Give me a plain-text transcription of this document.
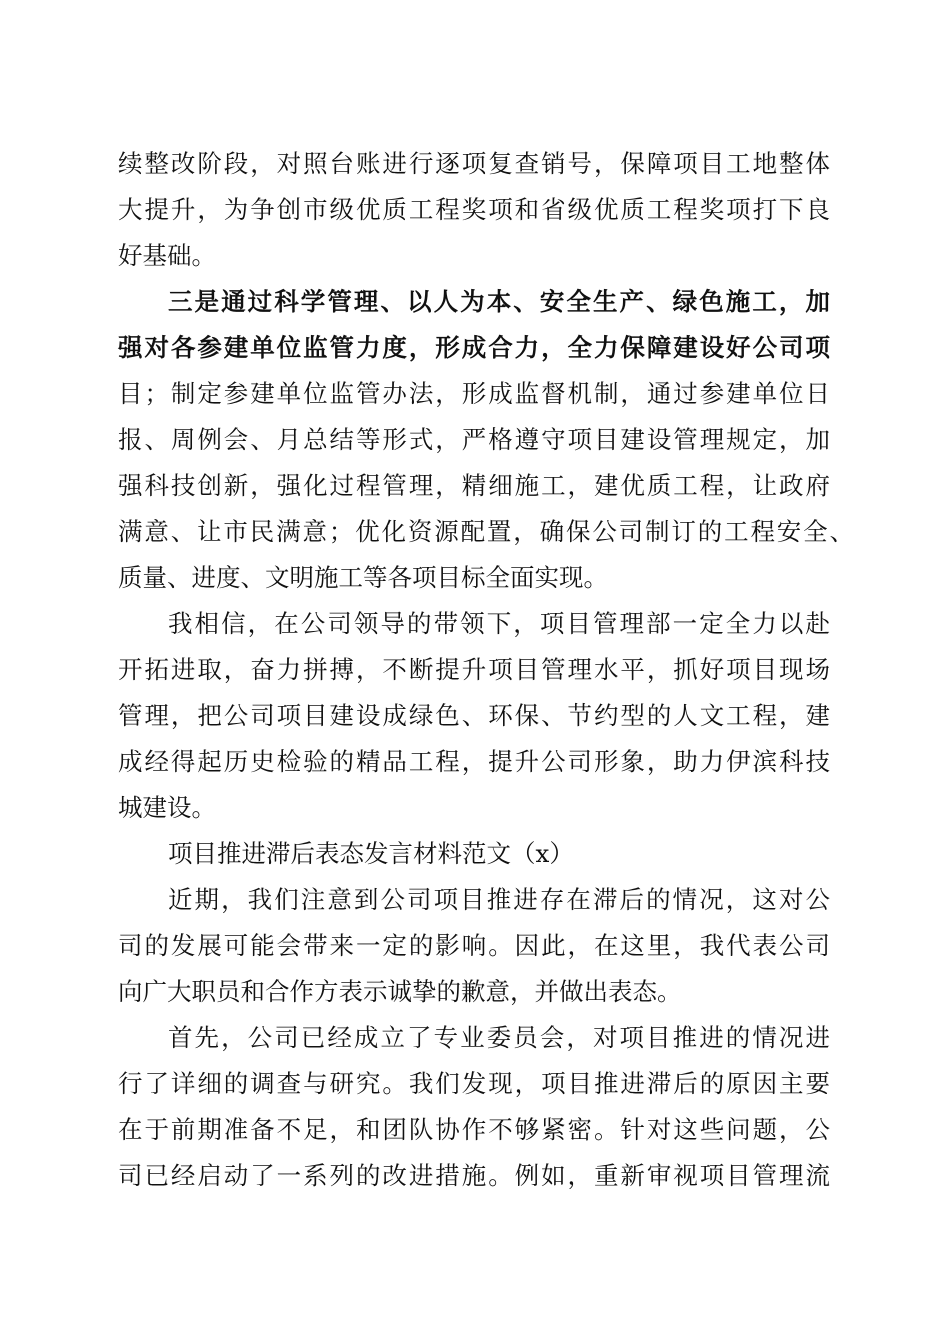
续整改阶段，对照台账进行逐项复查销号，保障项目工地整体
大提升，为争创市级优质工程奖项和省级优质工程奖项打下良
好基础。
三是通过科学管理、以人为本、安全生产、绿色施工，加
强对各参建单位监管力度，形成合力，全力保障建设好公司项
目；制定参建单位监管办法，形成监督机制，通过参建单位日
报、周例会、月总结等形式，严格遵守项目建设管理规定，加
强科技创新，强化过程管理，精细施工，建优质工程，让政府
满意、让市民满意；优化资源配置，确保公司制订的工程安全、
质量、进度、文明施工等各项目标全面实现。
我相信，在公司领导的带领下，项目管理部一定全力以赴
开拓进取，奋力拼搏，不断提升项目管理水平，抓好项目现场
管理，把公司项目建设成绿色、环保、节约型的人文工程，建
成经得起历史检验的精品工程，提升公司形象，助力伊滨科技
城建设。
项目推进滞后表态发言材料范文（x）
近期，我们注意到公司项目推进存在滞后的情况，这对公
司的发展可能会带来一定的影响。因此，在这里，我代表公司
向广大职员和合作方表示诚挚的歉意，并做出表态。
首先，公司已经成立了专业委员会，对项目推进的情况进
行了详细的调查与研究。我们发现，项目推进滞后的原因主要
在于前期准备不足，和团队协作不够紧密。针对这些问题，公
司已经启动了一系列的改进措施。例如，重新审视项目管理流
